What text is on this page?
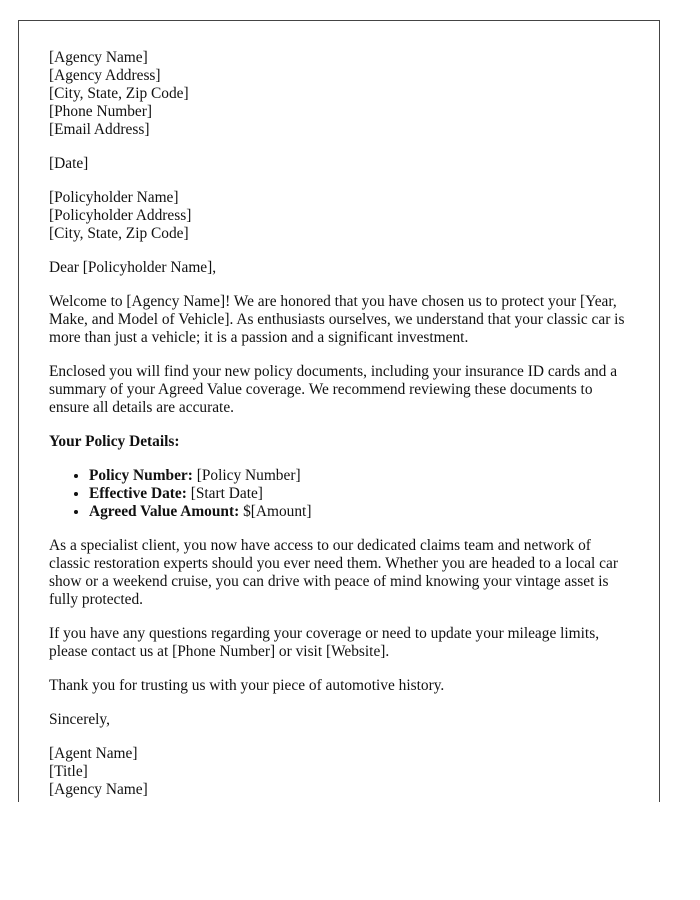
[Agency Name]
[Agency Address]
[City, State, Zip Code]
[Phone Number]
[Email Address]
[Date]
[Policyholder Name]
[Policyholder Address]
[City, State, Zip Code]

Dear [Policyholder Name],

Welcome to [Agency Name]! We are honored that you have chosen us to protect your [Year, Make, and Model of Vehicle]. As enthusiasts ourselves, we understand that your classic car is more than just a vehicle; it is a passion and a significant investment.

Enclosed you will find your new policy documents, including your insurance ID cards and a summary of your Agreed Value coverage. We recommend reviewing these documents to ensure all details are accurate.

Your Policy Details:

• Policy Number: [Policy Number]
• Effective Date: [Start Date]
• Agreed Value Amount: $[Amount]

As a specialist client, you now have access to our dedicated claims team and network of classic restoration experts should you ever need them. Whether you are headed to a local car show or a weekend cruise, you can drive with peace of mind knowing your vintage asset is fully protected.

If you have any questions regarding your coverage or need to update your mileage limits, please contact us at [Phone Number] or visit [Website].

Thank you for trusting us with your piece of automotive history.

Sincerely,

[Agent Name]
[Title]
[Agency Name]
